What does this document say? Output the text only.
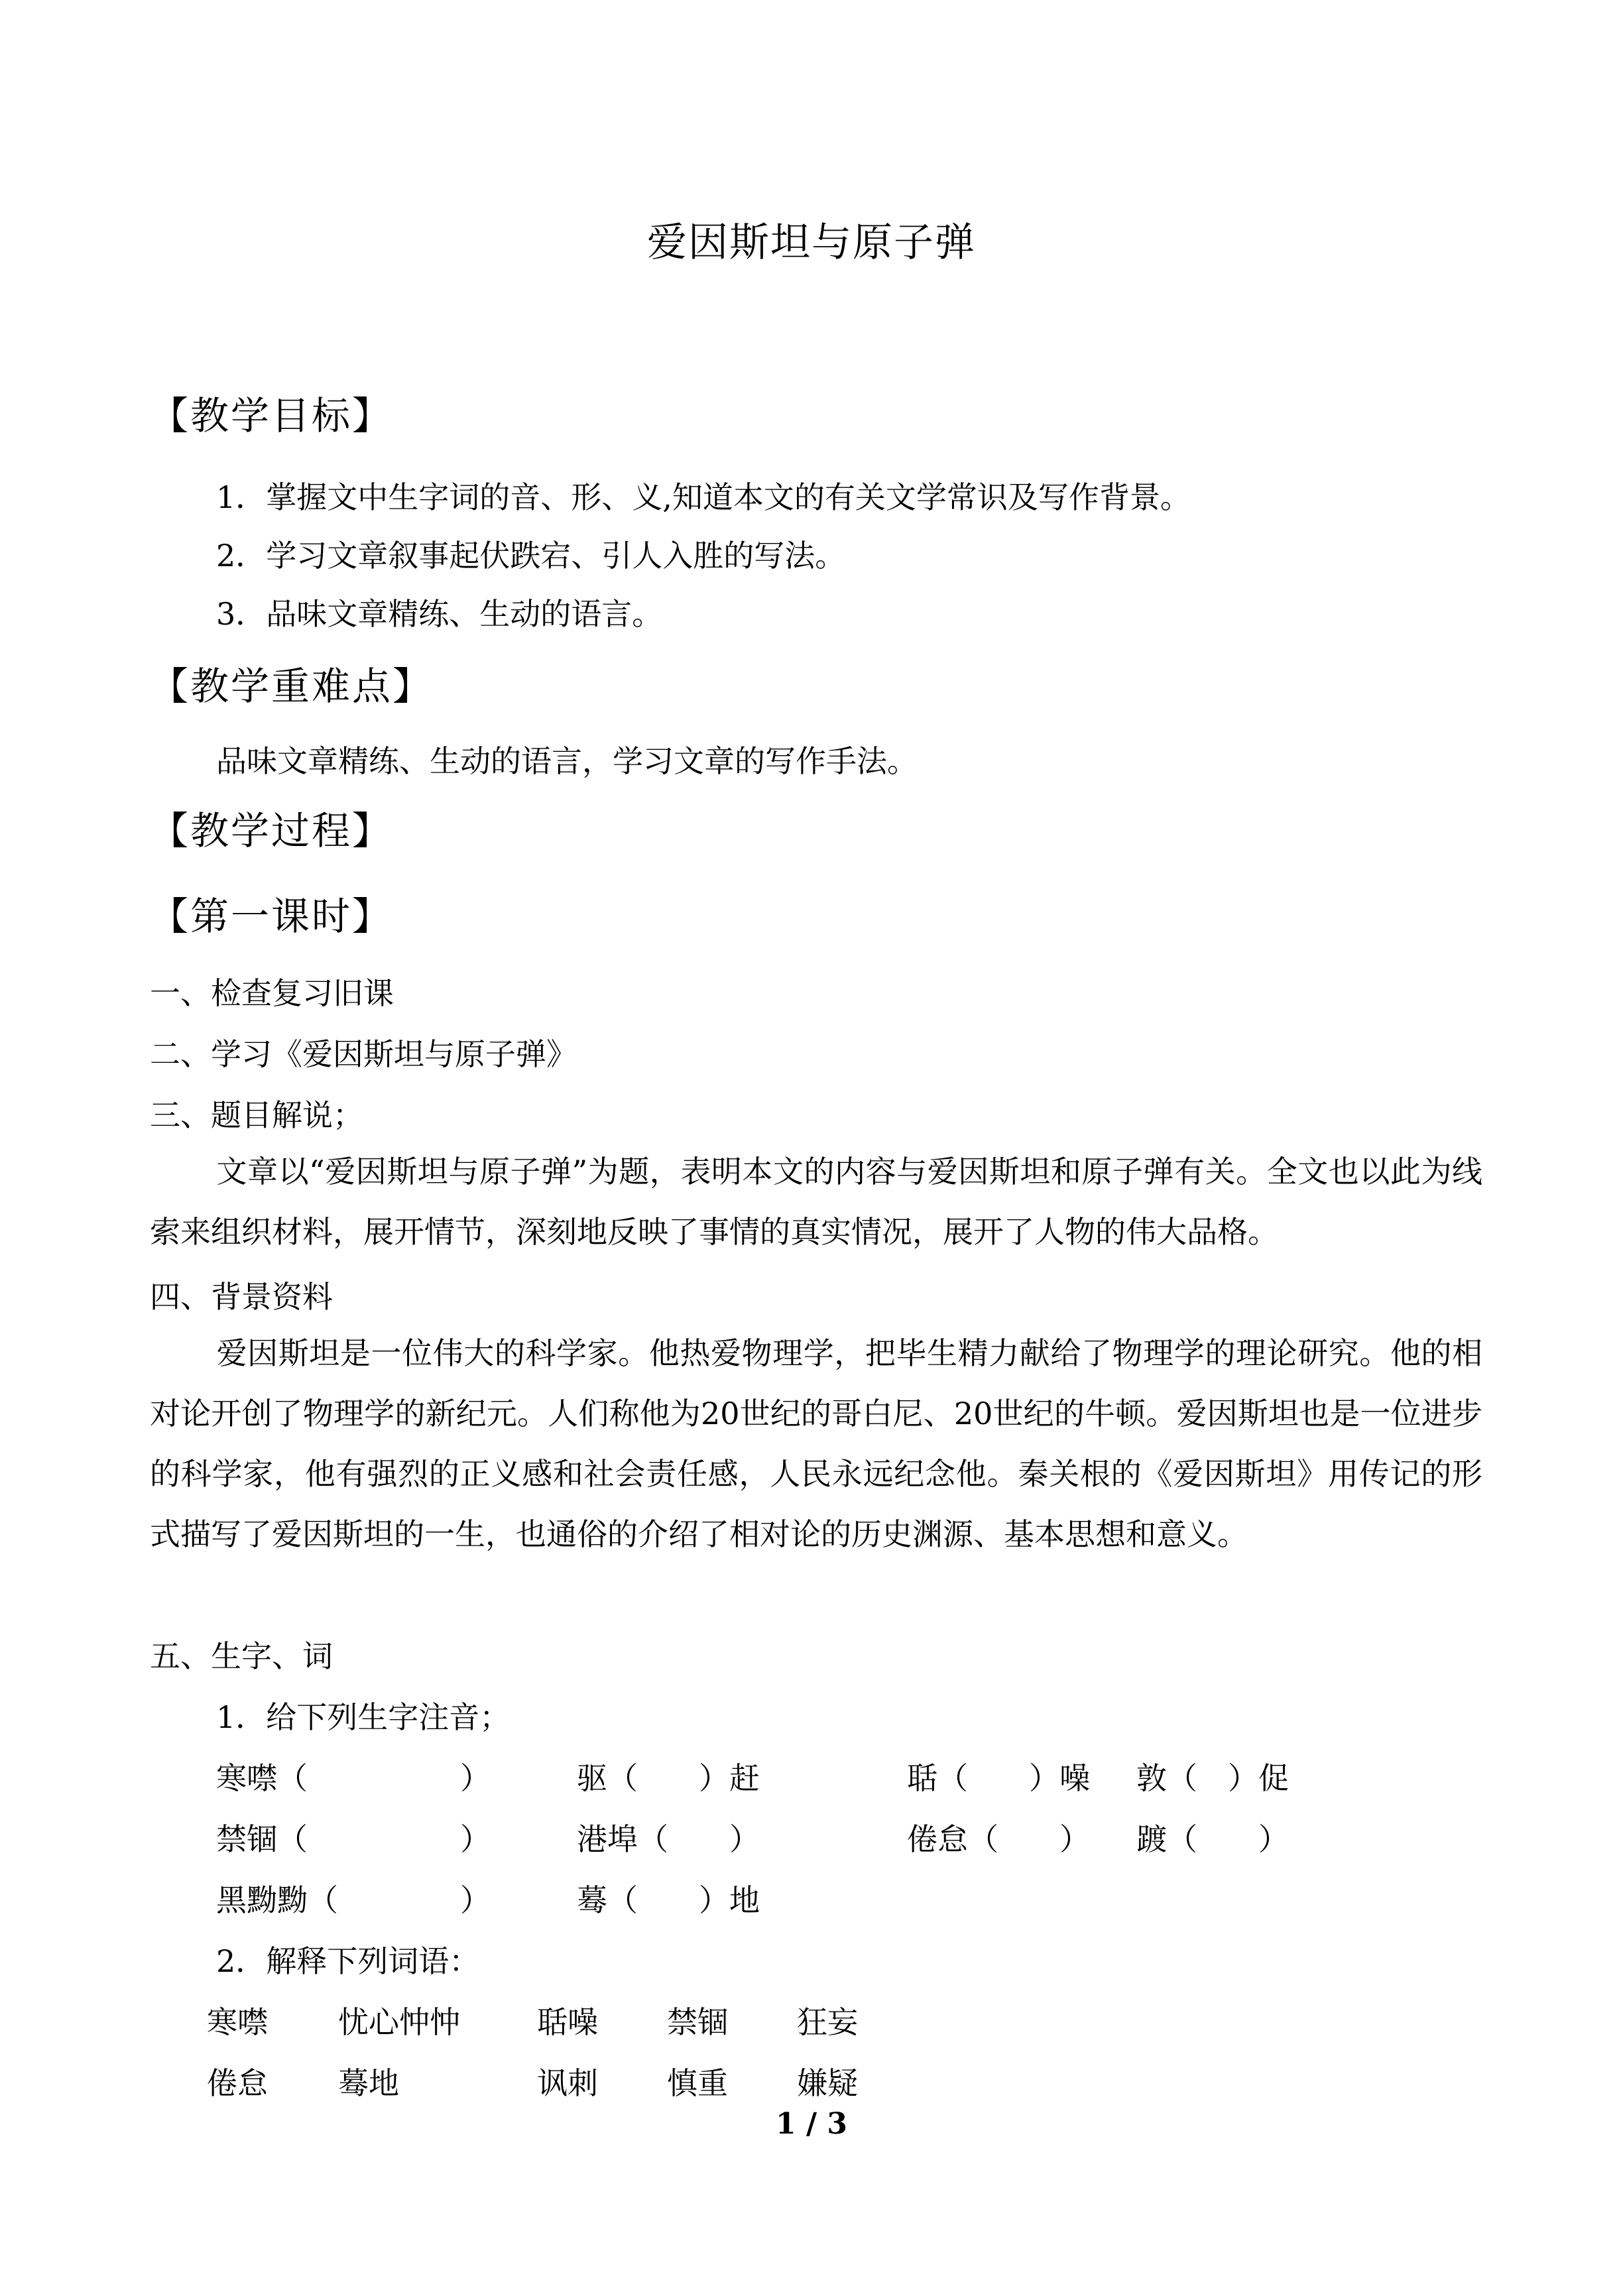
爱因斯坦与原子弹
【教学目标】
1．掌握文中生字词的音、形、义,知道本文的有关文学常识及写作背景。
2．学习文章叙事起伏跌宕、引人入胜的写法。
3．品味文章精练、生动的语言。
【教学重难点】
品味文章精练、生动的语言，学习文章的写作手法。
【教学过程】
【第一课时】
一、检查复习旧课
二、学习《爱因斯坦与原子弹》
三、题目解说；
文章以“爱因斯坦与原子弹”为题，表明本文的内容与爱因斯坦和原子弹有关。全文也以此为线索来组织材料，展开情节，深刻地反映了事情的真实情况，展开了人物的伟大品格。
四、背景资料
爱因斯坦是一位伟大的科学家。他热爱物理学，把毕生精力献给了物理学的理论研究。他的相对论开创了物理学的新纪元。人们称他为20世纪的哥白尼、20世纪的牛顿。爱因斯坦也是一位进步的科学家，他有强烈的正义感和社会责任感，人民永远纪念他。秦关根的《爱因斯坦》用传记的形式描写了爱因斯坦的一生，也通俗的介绍了相对论的历史渊源、基本思想和意义。
五、生字、词
1．给下列生字注音；
寒噤（　　　　　）	驱（　　）赶	聒（　　）噪 敦（　）促
禁锢（　　　　　）	港埠（　　）	倦怠（　　） 踱（　　）
黑黝黝（　　　　）	蓦（　　）地
2．解释下列词语：
寒噤 忧心忡忡	聒噪 禁锢 狂妄
倦怠 蓦地	讽刺 慎重 嫌疑
1 / 3
